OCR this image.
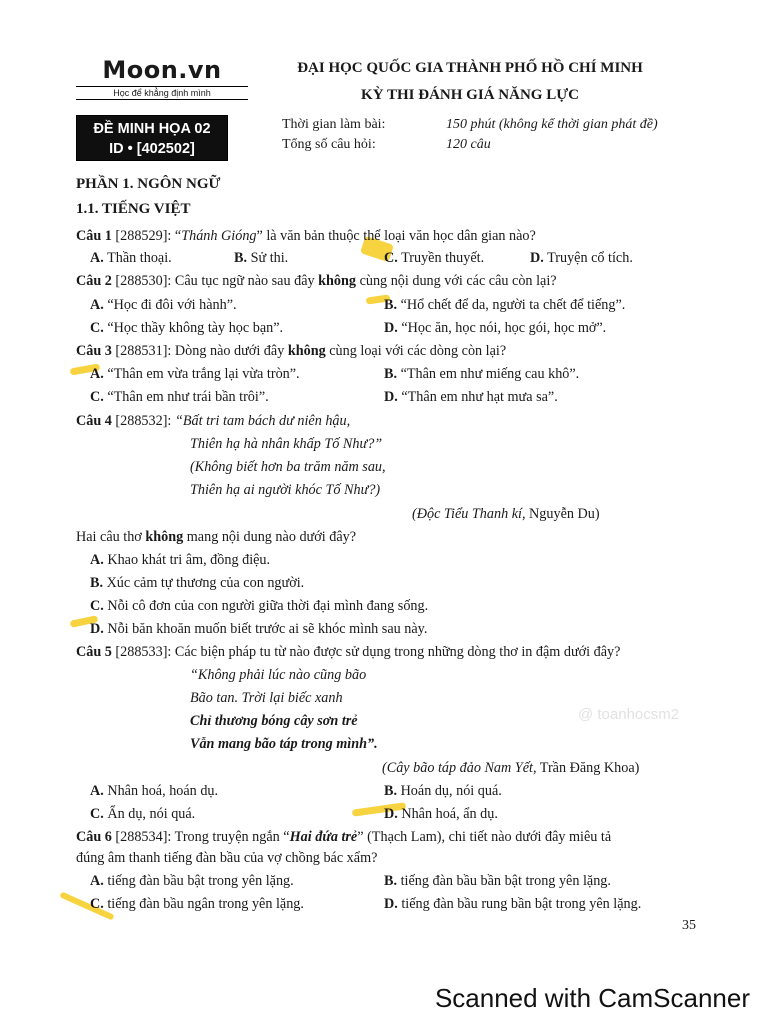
Moon.vn
Học để khẳng định mình
ĐẠI HỌC QUỐC GIA THÀNH PHỐ HỒ CHÍ MINH
KỲ THI ĐÁNH GIÁ NĂNG LỰC
ĐỀ MINH HỌA 02
ID • [402502]
Thời gian làm bài:	150 phút (không kể thời gian phát đề)
Tổng số câu hỏi:	120 câu
PHẦN 1. NGÔN NGỮ
1.1. TIẾNG VIỆT
Câu 1 [288529]: “Thánh Gióng” là văn bản thuộc thể loại văn học dân gian nào?
A. Thần thoại.	B. Sử thi.	C. Truyền thuyết.	D. Truyện cổ tích.
Câu 2 [288530]: Câu tục ngữ nào sau đây không cùng nội dung với các câu còn lại?
A. “Học đi đôi với hành”.	B. “Hổ chết để da, người ta chết để tiếng”.
C. “Học thầy không tày học bạn”.	D. “Học ăn, học nói, học gói, học mở”.
Câu 3 [288531]: Dòng nào dưới đây không cùng loại với các dòng còn lại?
A. “Thân em vừa trắng lại vừa tròn”.	B. “Thân em như miếng cau khô”.
C. “Thân em như trái bần trôi”.	D. “Thân em như hạt mưa sa”.
Câu 4 [288532]: “Bất tri tam bách dư niên hậu,
Thiên hạ hà nhân khấp Tố Như?”
(Không biết hơn ba trăm năm sau,
Thiên hạ ai người khóc Tố Như?)
(Độc Tiểu Thanh kí, Nguyễn Du)
Hai câu thơ không mang nội dung nào dưới đây?
A. Khao khát tri âm, đồng điệu.
B. Xúc cảm tự thương của con người.
C. Nỗi cô đơn của con người giữa thời đại mình đang sống.
D. Nỗi băn khoăn muốn biết trước ai sẽ khóc mình sau này.
Câu 5 [288533]: Các biện pháp tu từ nào được sử dụng trong những dòng thơ in đậm dưới đây?
“Không phải lúc nào cũng bão
Bão tan. Trời lại biếc xanh
Chỉ thương bóng cây sơn trẻ
Vẫn mang bão táp trong mình”.
@ toanhocsm2
(Cây bão táp đảo Nam Yết, Trần Đăng Khoa)
A. Nhân hoá, hoán dụ.	B. Hoán dụ, nói quá.
C. Ẩn dụ, nói quá.	D. Nhân hoá, ẩn dụ.
Câu 6 [288534]: Trong truyện ngắn “Hai đứa trẻ” (Thạch Lam), chi tiết nào dưới đây miêu tả
đúng âm thanh tiếng đàn bầu của vợ chồng bác xẩm?
A. tiếng đàn bầu bật trong yên lặng.	B. tiếng đàn bầu bần bật trong yên lặng.
C. tiếng đàn bầu ngân trong yên lặng.	D. tiếng đàn bầu rung bần bật trong yên lặng.
35
Scanned with CamScanner
